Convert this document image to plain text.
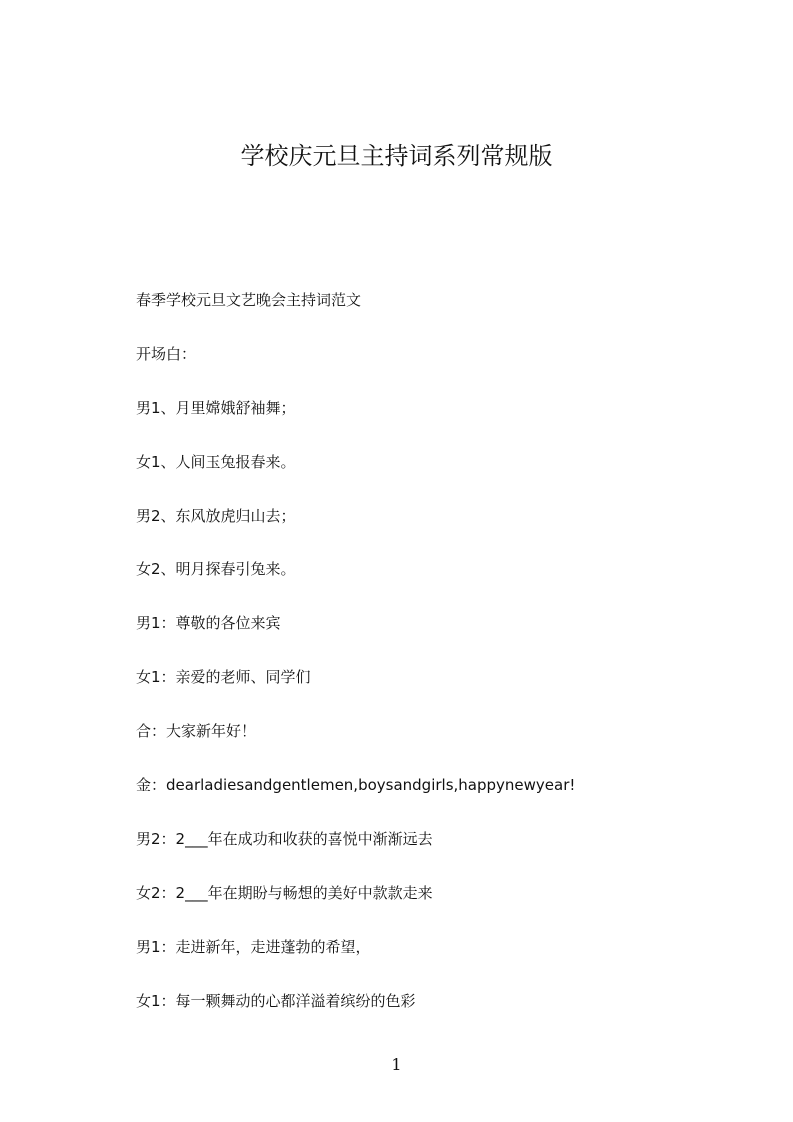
学校庆元旦主持词系列常规版
春季学校元旦文艺晚会主持词范文
开场白：
男1、月里嫦娥舒袖舞；
女1、人间玉兔报春来。
男2、东风放虎归山去；
女2、明月探春引兔来。
男1：尊敬的各位来宾
女1：亲爱的老师、同学们
合：大家新年好！
金：dearladiesandgentlemen,boysandgirls,happynewyear!
男2：2___年在成功和收获的喜悦中渐渐远去
女2：2___年在期盼与畅想的美好中款款走来
男1：走进新年，走进蓬勃的希望，
女1：每一颗舞动的心都洋溢着缤纷的色彩
1
